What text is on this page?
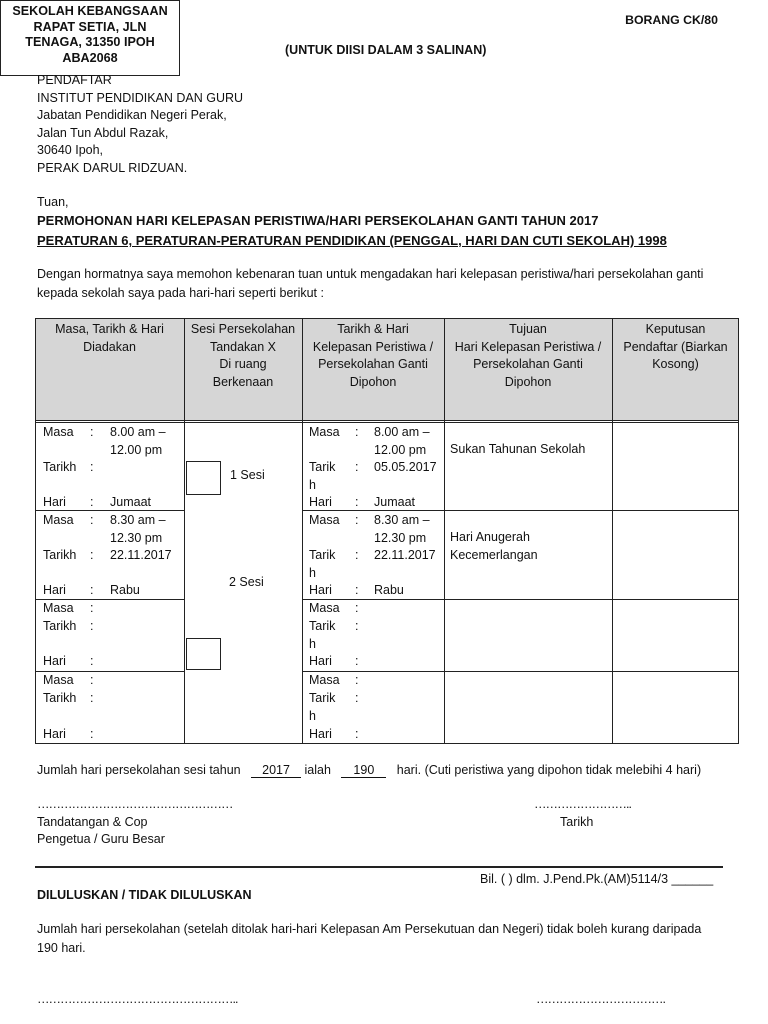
BORANG CK/80
(UNTUK DIISI DALAM 3 SALINAN)
SEKOLAH KEBANGSAAN
RAPAT SETIA, JLN
TENAGA, 31350 IPOH
ABA2068
PENDAFTAR
INSTITUT PENDIDIKAN DAN GURU
Jabatan Pendidikan Negeri Perak,
Jalan Tun Abdul Razak,
30640 Ipoh,
PERAK DARUL RIDZUAN.
Tuan,
PERMOHONAN HARI KELEPASAN PERISTIWA/HARI PERSEKOLAHAN GANTI TAHUN 2017
PERATURAN 6, PERATURAN-PERATURAN PENDIDIKAN (PENGGAL, HARI DAN CUTI SEKOLAH) 1998
Dengan hormatnya saya memohon kebenaran tuan untuk mengadakan hari kelepasan peristiwa/hari persekolahan ganti
kepada sekolah saya pada hari-hari seperti berikut :
Masa, Tarikh & Hari
Diadakan
Sesi Persekolahan
Tandakan X
Di ruang
Berkenaan
Tarikh & Hari
Kelepasan Peristiwa /
Persekolahan Ganti
Dipohon
Tujuan
Hari Kelepasan Peristiwa /
Persekolahan Ganti
Dipohon
Keputusan
Pendaftar (Biarkan
Kosong)
Masa : 8.00 am –
12.00 pm
Tarikh :
Hari : Jumaat
Masa : 8.00 am –
12.00 pm
Tarik
h
: 05.05.2017
Hari : Jumaat
Sukan Tahunan Sekolah
Masa : 8.30 am –
12.30 pm
Tarikh : 22.11.2017
Hari : Rabu
Masa : 8.30 am –
12.30 pm
Tarik
h
: 22.11.2017
Hari : Rabu
Hari Anugerah
Kecemerlangan
Masa :
Tarikh :
Hari :
Masa :
Tarik
h
:
Hari :
Masa :
Tarikh :
Hari :
Masa :
Tarik
h
:
Hari :
1 Sesi
2 Sesi
Jumlah hari persekolahan sesi tahun 2017 ialah 190 hari. (Cuti peristiwa yang dipohon tidak melebihi 4 hari)
……………………………………………	……………………..
Tandatangan & Cop
Pengetua / Guru Besar
Tarikh
Bil. ( ) dlm. J.Pend.Pk.(AM)5114/3 ______
DILULUSKAN / TIDAK DILULUSKAN
Jumlah hari persekolahan (setelah ditolak hari-hari Kelepasan Am Persekutuan dan Negeri) tidak boleh kurang daripada
190 hari.
……………………………………………..	…………………………….
